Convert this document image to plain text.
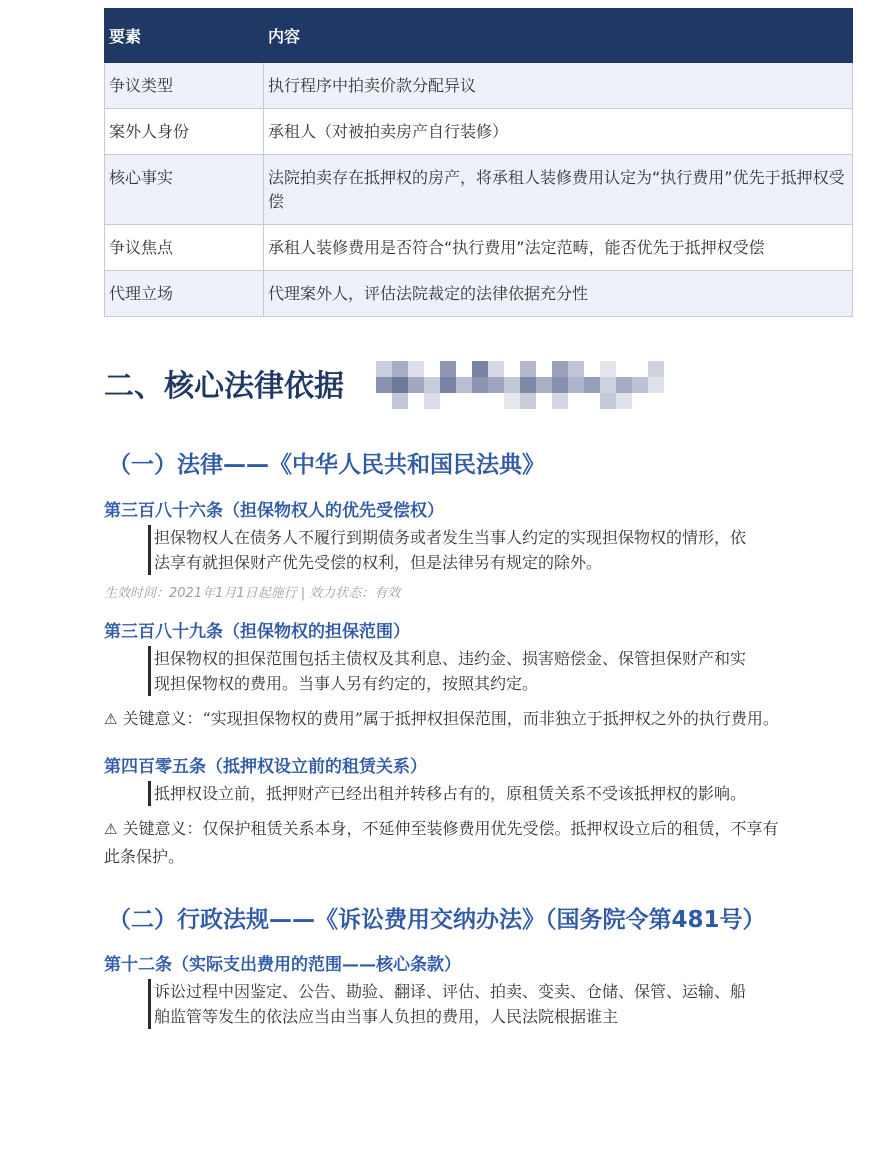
要素	内容
争议类型	执行程序中拍卖价款分配异议
案外人身份	承租人（对被拍卖房产自行装修）
核心事实	法院拍卖存在抵押权的房产，将承租人装修费用认定为“执行费用”优先于抵押权受偿
争议焦点	承租人装修费用是否符合“执行费用”法定范畴，能否优先于抵押权受偿
代理立场	代理案外人，评估法院裁定的法律依据充分性
二、核心法律依据
（一）法律——《中华人民共和国民法典》

第三百八十六条（担保物权人的优先受偿权）

担保物权人在债务人不履行到期债务或者发生当事人约定的实现担保物权的情形，依法享有就担保财产优先受偿的权利，但是法律另有规定的除外。
生效时间：2021年1月1日起施行 | 效力状态：有效

第三百八十九条（担保物权的担保范围）

担保物权的担保范围包括主债权及其利息、违约金、损害赔偿金、保管担保财产和实现担保物权的费用。当事人另有约定的，按照其约定。
⚠ 关键意义：“实现担保物权的费用”属于抵押权担保范围，而非独立于抵押权之外的执行费用。

第四百零五条（抵押权设立前的租赁关系）

抵押权设立前，抵押财产已经出租并转移占有的，原租赁关系不受该抵押权的影响。
⚠ 关键意义：仅保护租赁关系本身，不延伸至装修费用优先受偿。抵押权设立后的租赁，不享有此条保护。
（二）行政法规——《诉讼费用交纳办法》（国务院令第481号）

第十二条（实际支出费用的范围——核心条款）

诉讼过程中因鉴定、公告、勘验、翻译、评估、拍卖、变卖、仓储、保管、运输、船舶监管等发生的依法应当由当事人负担的费用，人民法院根据谁主
